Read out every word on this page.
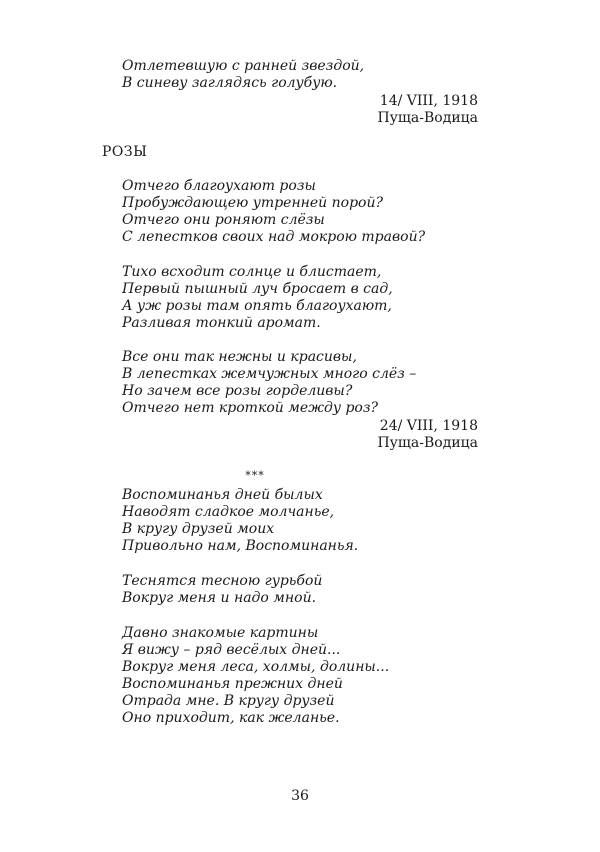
Отлетевшую с ранней звездой,
В синеву заглядясь голубую.
14/ VIII, 1918
Пуща-Водица
РОЗЫ
Отчего благоухают розы
Пробуждающею утренней порой?
Отчего они роняют слёзы
С лепестков своих над мокрою травой?
Тихо всходит солнце и блистает,
Первый пышный луч бросает в сад,
А уж розы там опять благоухают,
Разливая тонкий аромат.
Все они так нежны и красивы,
В лепестках жемчужных много слёз –
Но зачем все розы горделивы?
Отчего нет кроткой между роз?
24/ VIII, 1918
Пуща-Водица
***
Воспоминанья дней былых
Наводят сладкое молчанье,
В кругу друзей моих
Привольно нам, Воспоминанья.
Теснятся тесною гурьбой
Вокруг меня и надо мной.
Давно знакомые картины
Я вижу – ряд весёлых дней...
Вокруг меня леса, холмы, долины...
Воспоминанья прежних дней
Отрада мне. В кругу друзей
Оно приходит, как желанье.
36
